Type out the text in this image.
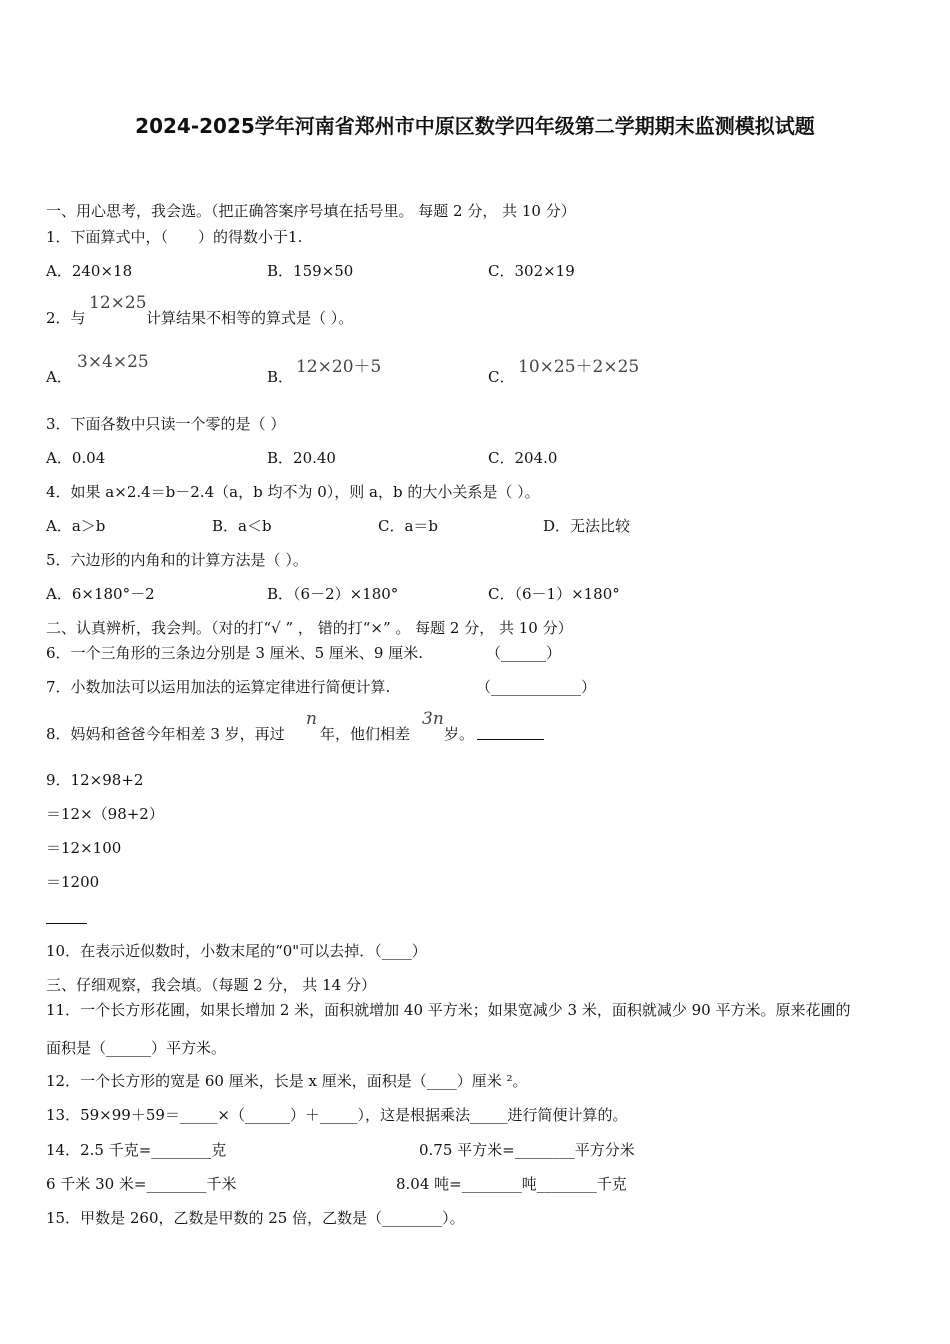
2024-2025学年河南省郑州市中原区数学四年级第二学期期末监测模拟试题
一、用心思考，我会选。（把正确答案序号填在括号里。 每题 2 分， 共 10 分）
1．下面算式中，（　　）的得数小于1.
A．240×18	B．159×50	C．302×19
2．与
12×25
计算结果不相等的算式是（ ）。
A．
3×4×25
B． 12×20＋5	C． 10×25＋2×25
3．下面各数中只读一个零的是（ ）
A．0.04	B．20.40	C．204.0
4．如果 a×2.4＝b－2.4（a，b 均不为 0），则 a，b 的大小关系是（ ）。
A．a＞b	B．a＜b	C．a＝b	D．无法比较
5．六边形的内角和的计算方法是（ ）。
A．6×180°－2	B．（6－2）×180°	C．（6－1）×180°
二、认真辨析，我会判。（对的打“√ ” ， 错的打“×” 。 每题 2 分， 共 10 分）
6．一个三角形的三条边分别是 3 厘米、5 厘米、9 厘米.	（______）
7．小数加法可以运用加法的运算定律进行简便计算.	（____________）
8．妈妈和爸爸今年相差 3 岁，再过
n
年，他们相差
3n
岁。
9．12×98+2
＝12×（98+2）
＝12×100
＝1200
10．在表示近似数时，小数末尾的“0"可以去掉．（____）
三、仔细观察，我会填。（每题 2 分， 共 14 分）
11．一个长方形花圃，如果长增加 2 米，面积就增加 40 平方米；如果宽减少 3 米，面积就减少 90 平方米。原来花圃的
面积是（______）平方米。
12．一个长方形的宽是 60 厘米，长是 x 厘米，面积是（____）厘米 ²。
13．59×99＋59＝_____×（______）＋_____），这是根据乘法_____进行简便计算的。
14．2.5 千克=________克	0.75 平方米=________平方分米
6 千米 30 米=________千米	8.04 吨=________吨________千克
15．甲数是 260，乙数是甲数的 25 倍，乙数是（________）。
